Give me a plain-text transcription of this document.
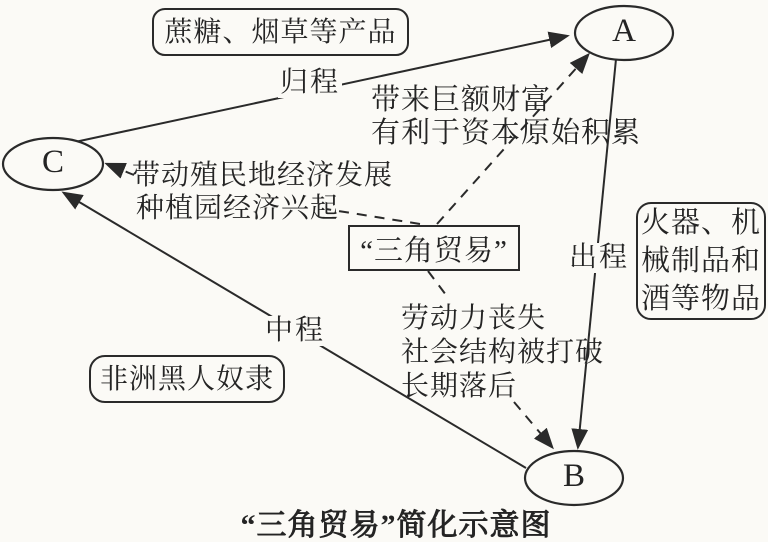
A
C
B
蔗糖、烟草等产品
火器、机
械制品和
酒等物品
非洲黑人奴隶
“三角贸易”
归程
出程
中程
带来巨额财富
有利于资本原始积累
带动殖民地经济发展
种植园经济兴起
劳动力丧失
社会结构被打破
长期落后
“三角贸易”简化示意图
